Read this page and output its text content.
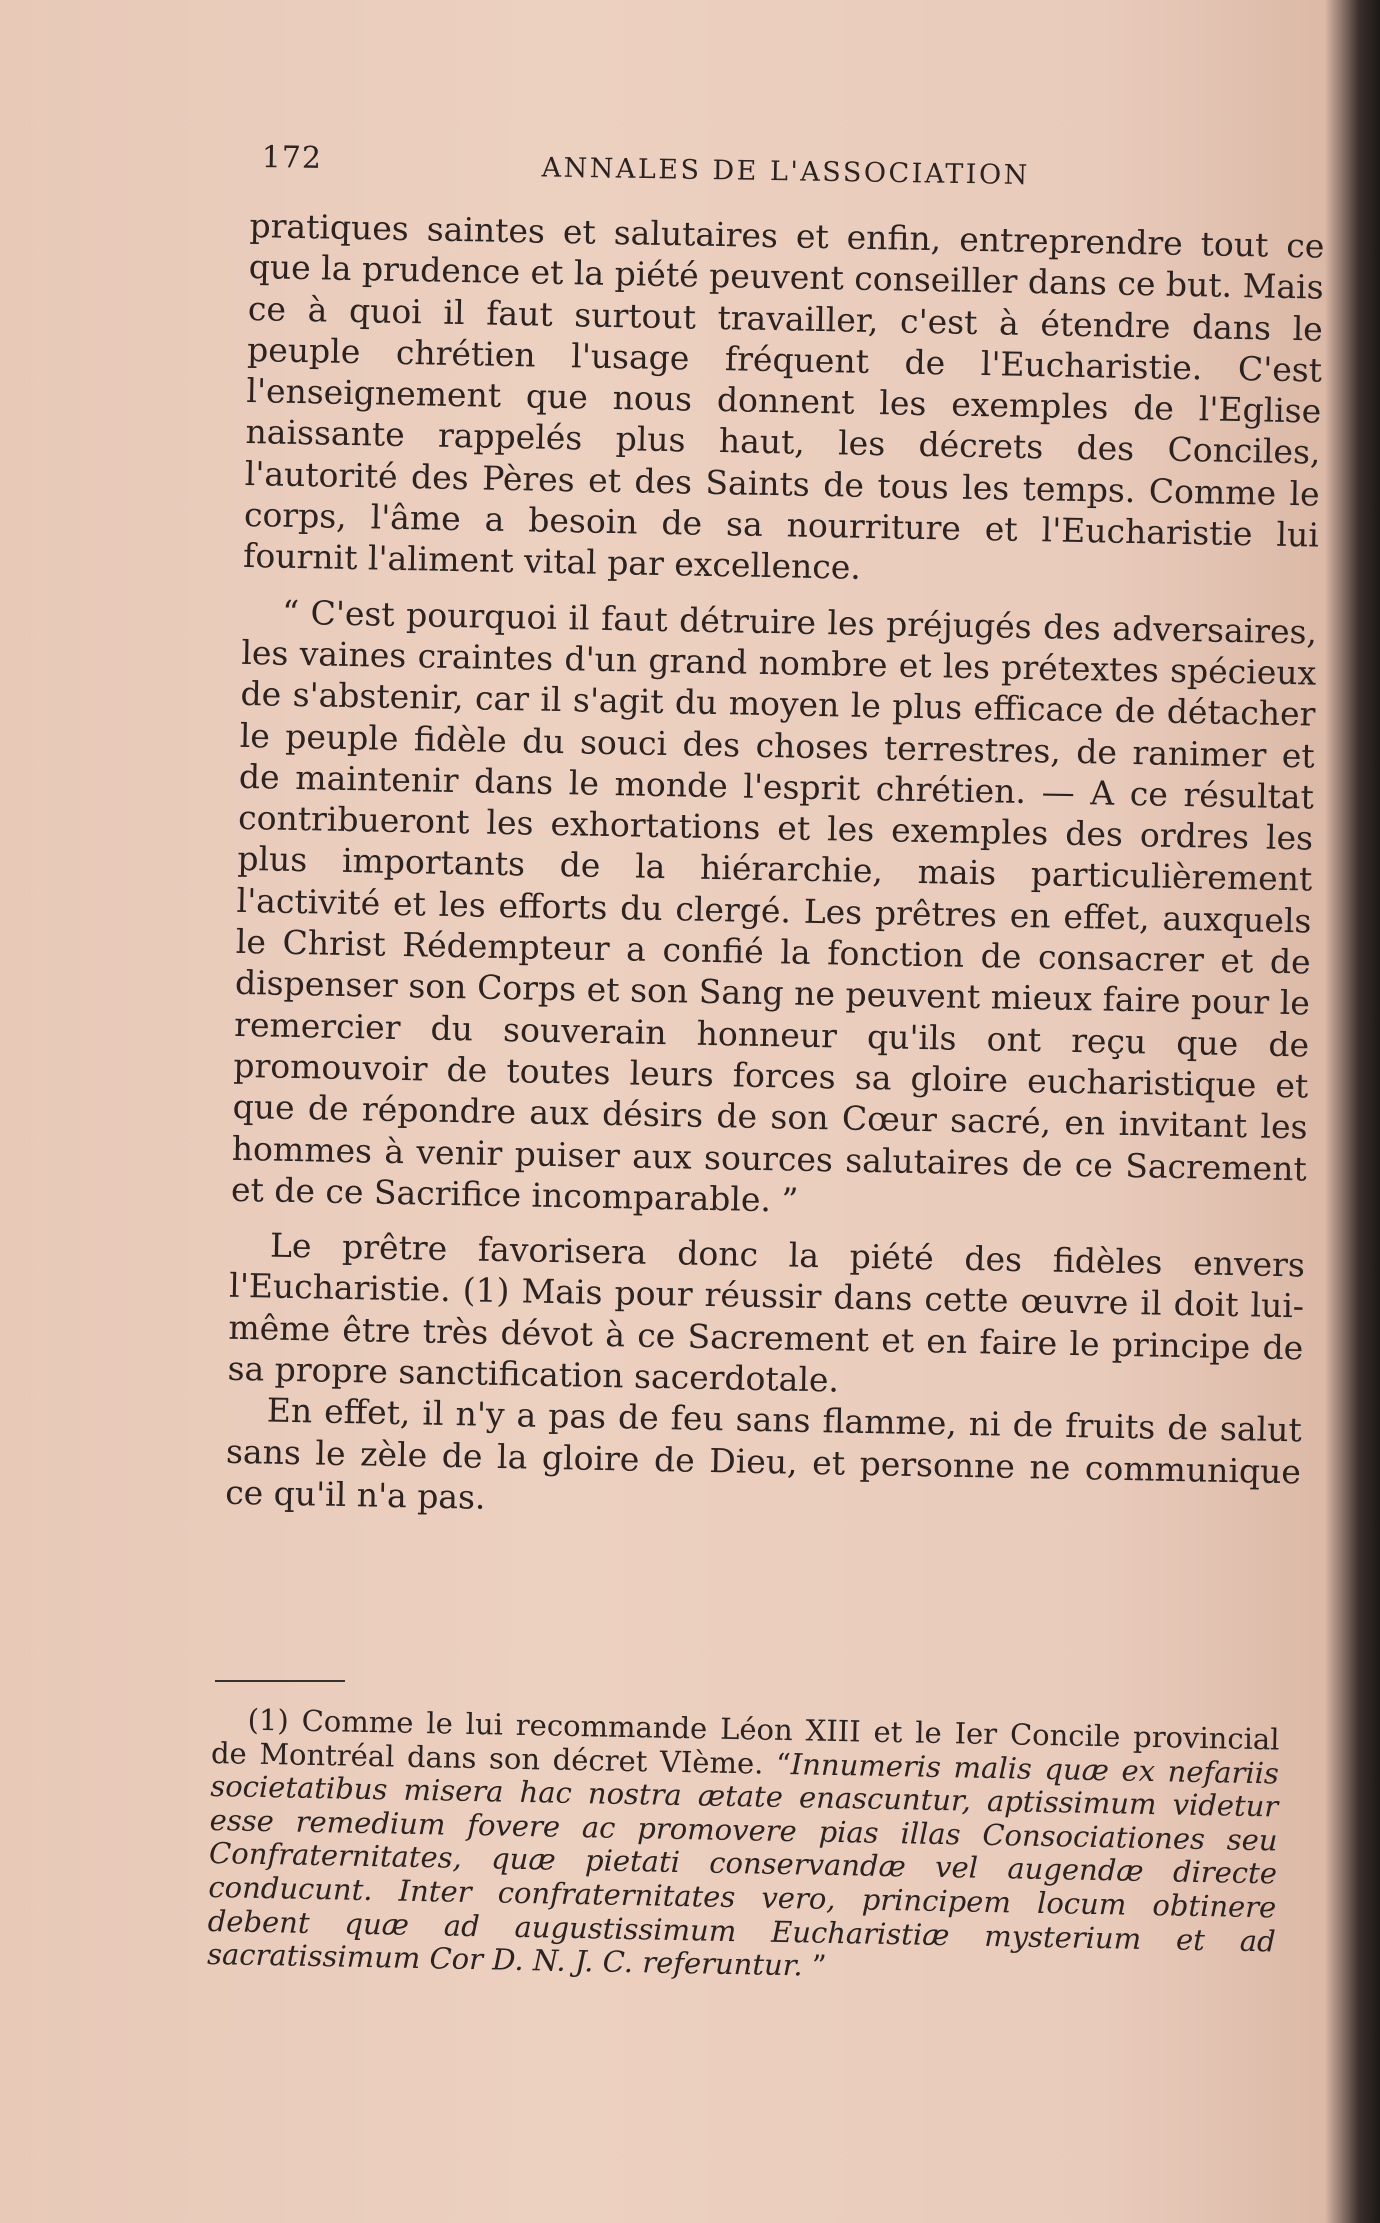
172	ANNALES DE L'ASSOCIATION

pratiques saintes et salutaires et enfin, entreprendre tout ce que la prudence et la piété peuvent conseiller dans ce but. Mais ce à quoi il faut surtout travailler, c'est à étendre dans le peuple chrétien l'usage fréquent de l'Eucharistie. C'est l'enseignement que nous donnent les exemples de l'Eglise naissante rappelés plus haut, les décrets des Conciles, l'autorité des Pères et des Saints de tous les temps. Comme le corps, l'âme a besoin de sa nourriture et l'Eucharistie lui fournit l'aliment vital par excellence.

“ C'est pourquoi il faut détruire les préjugés des adversaires, les vaines craintes d'un grand nombre et les prétextes spécieux de s'abstenir, car il s'agit du moyen le plus efficace de détacher le peuple fidèle du souci des choses terrestres, de ranimer et de maintenir dans le monde l'esprit chrétien. — A ce résultat contribueront les exhortations et les exemples des ordres les plus importants de la hiérarchie, mais particulièrement l'activité et les efforts du clergé. Les prêtres en effet, auxquels le Christ Rédempteur a confié la fonction de consacrer et de dispenser son Corps et son Sang ne peuvent mieux faire pour le remercier du souverain honneur qu'ils ont reçu que de promouvoir de toutes leurs forces sa gloire eucharistique et que de répondre aux désirs de son Cœur sacré, en invitant les hommes à venir puiser aux sources salutaires de ce Sacrement et de ce Sacrifice incomparable. ”

Le prêtre favorisera donc la piété des fidèles envers l'Eucharistie. (1) Mais pour réussir dans cette œuvre il doit lui-même être très dévot à ce Sacrement et en faire le principe de sa propre sanctification sacerdotale.

En effet, il n'y a pas de feu sans flamme, ni de fruits de salut sans le zèle de la gloire de Dieu, et personne ne communique ce qu'il n'a pas.

(1) Comme le lui recommande Léon XIII et le Ier Concile provincial de Montréal dans son décret VIème. “Innumeris malis quæ ex nefariis societatibus misera hac nostra ætate enascuntur, aptissimum videtur esse remedium fovere ac promovere pias illas Consociationes seu Confraternitates, quæ pietati conservandæ vel augendæ directe conducunt. Inter confraternitates vero, principem locum obtinere debent quæ ad augustissimum Eucharistiæ mysterium et ad sacratissimum Cor D. N. J. C. referuntur. ”
